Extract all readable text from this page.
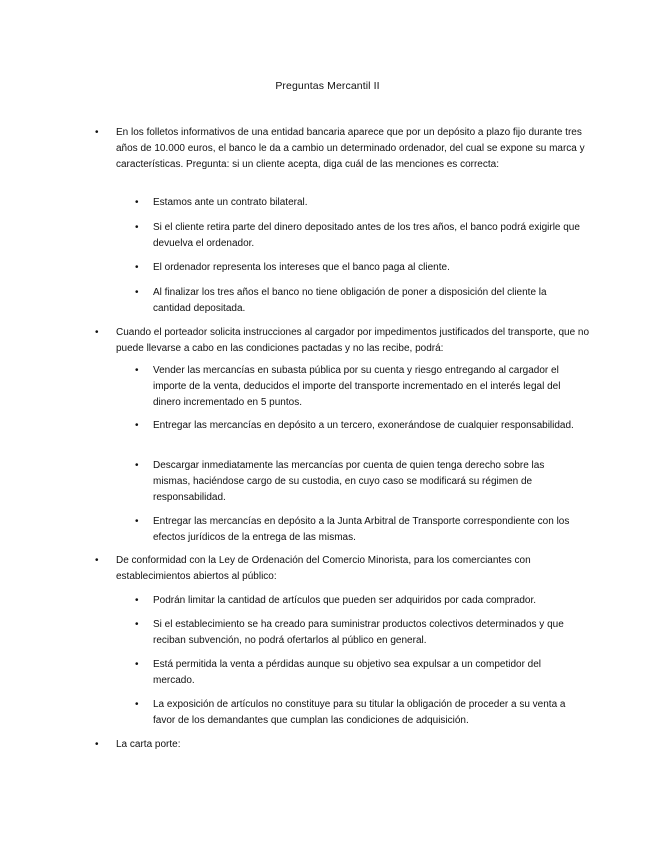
Preguntas Mercantil II
•	En los folletos informativos de una entidad bancaria aparece que por un depósito a plazo fijo durante tres años de 10.000 euros, el banco le da a cambio un determinado ordenador, del cual se expone su marca y características. Pregunta: si un cliente acepta, diga cuál de las menciones es correcta:
• Estamos ante un contrato bilateral.
• Si el cliente retira parte del dinero depositado antes de los tres años, el banco podrá exigirle que devuelva el ordenador.
• El ordenador representa los intereses que el banco paga al cliente.
• Al finalizar los tres años el banco no tiene obligación de poner a disposición del cliente la cantidad depositada.
•	Cuando el porteador solicita instrucciones al cargador por impedimentos justificados del transporte, que no puede llevarse a cabo en las condiciones pactadas y no las recibe, podrá:
• Vender las mercancías en subasta pública por su cuenta y riesgo entregando al cargador el importe de la venta, deducidos el importe del transporte incrementado en el interés legal del dinero incrementado en 5 puntos.
• Entregar las mercancías en depósito a un tercero, exonerándose de cualquier responsabilidad.
• Descargar inmediatamente las mercancías por cuenta de quien tenga derecho sobre las mismas, haciéndose cargo de su custodia, en cuyo caso se modificará su régimen de responsabilidad.
• Entregar las mercancías en depósito a la Junta Arbitral de Transporte correspondiente con los efectos jurídicos de la entrega de las mismas.
•	De conformidad con la Ley de Ordenación del Comercio Minorista, para los comerciantes con establecimientos abiertos al público:
• Podrán limitar la cantidad de artículos que pueden ser adquiridos por cada comprador.
• Si el establecimiento se ha creado para suministrar productos colectivos determinados y que reciban subvención, no podrá ofertarlos al público en general.
• Está permitida la venta a pérdidas aunque su objetivo sea expulsar a un competidor del mercado.
• La exposición de artículos no constituye para su titular la obligación de proceder a su venta a favor de los demandantes que cumplan las condiciones de adquisición.
•	La carta porte:
